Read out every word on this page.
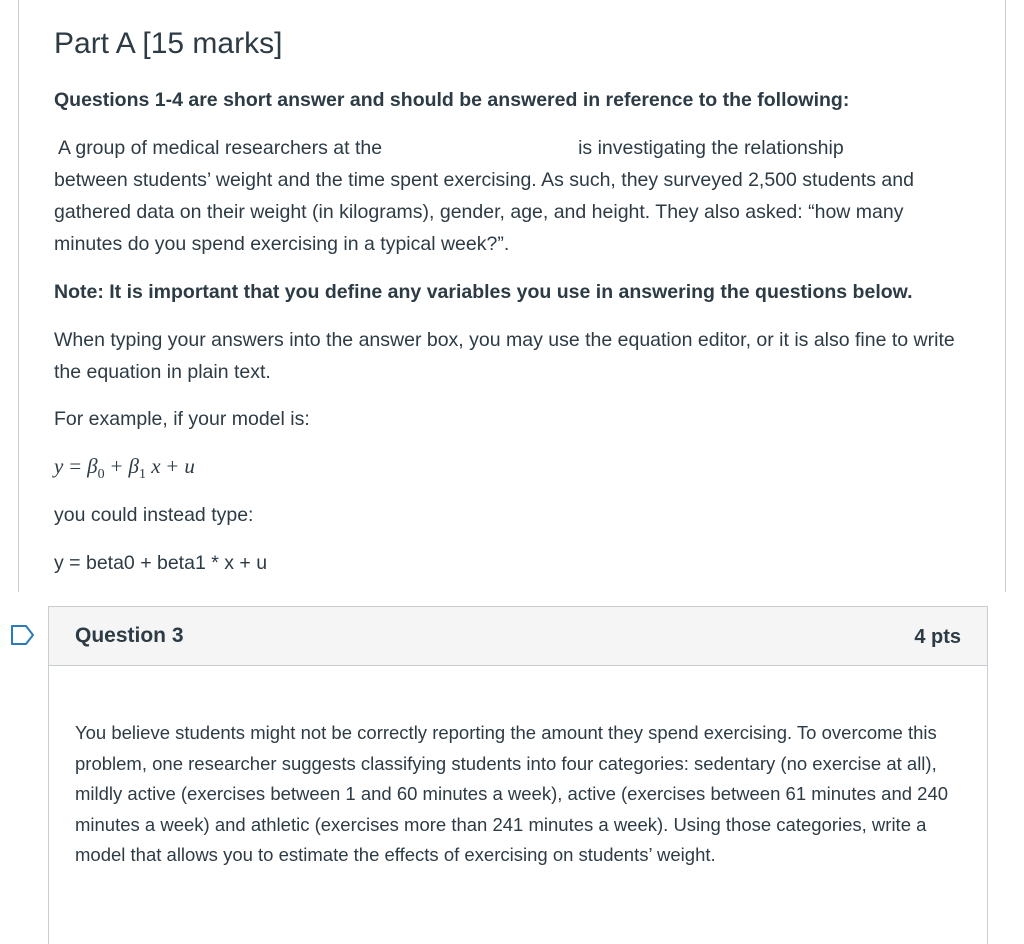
Part A [15 marks]

Questions 1-4 are short answer and should be answered in reference to the following:

A group of medical researchers at the	is investigating the relationship
between students’ weight and the time spent exercising. As such, they surveyed 2,500 students and gathered data on their weight (in kilograms), gender, age, and height. They also asked: “how many minutes do you spend exercising in a typical week?”.

Note: It is important that you define any variables you use in answering the questions below.

When typing your answers into the answer box, you may use the equation editor, or it is also fine to write the equation in plain text.

For example, if your model is:

$y = \beta_0 + \beta_1$ x + u

you could instead type:

y = beta0 + beta1 * x + u

Question 3	4 pts

You believe students might not be correctly reporting the amount they spend exercising. To overcome this problem, one researcher suggests classifying students into four categories: sedentary (no exercise at all), mildly active (exercises between 1 and 60 minutes a week), active (exercises between 61 minutes and 240 minutes a week) and athletic (exercises more than 241 minutes a week). Using those categories, write a model that allows you to estimate the effects of exercising on students’ weight.
